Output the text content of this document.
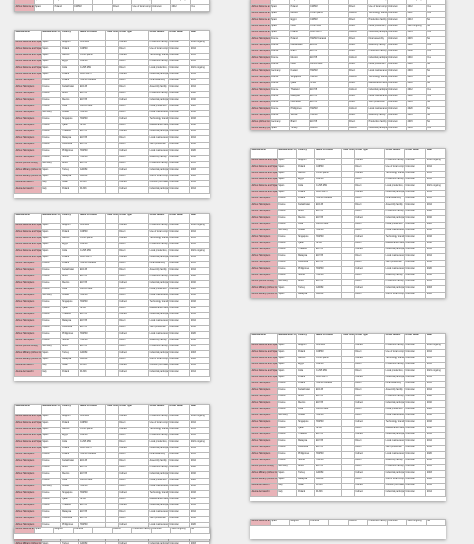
Airbus Defence a	Spain	Belgium	CN295M		Indirect	Production facility	Unknown	2018 ongoing	No
Airbus Defence a	Spain	Poland	C295M		Direct	Use of local comp	Unknown	2012	Yes

Manufacturer	Manufacturer Co	Country	Name Procured	Total Units	Offset Type	Offset details	Offset Value	Date	
Airbus Defence and Space	Spain	Belgium	CN295M		Indirect	Production facility	Unknown	2018 ongoing	
Airbus Defence and Space	Spain	Poland	C295M		Direct	Use of local comp	Unknown	2012	
Airbus Defence and Space	Spain	Mexico	C-295 patrol		Indirect	Technology transfer	Unknown	2011	
Airbus Defence and Space	Spain	Egypt	C295M		Direct	Production facility	Unknown	2013	
Airbus Defence and Space	Spain	India	C-295 MW		Direct	Local production,	Unknown	2021 ongoing	
Airbus Defence and Space	Spain	Poland	A330 MRTT		Indirect	Industrial participa	Unknown	2014	
Airbus Helicopters	France	Poland	H225M Caracal		Direct	Final assembly	Unknown	2015	
Airbus Helicopters	France	Kazakhstan	EC145		Direct	Assembly facility	Unknown	2012	
Airbus Helicopters	France	Brazil	EC725		Direct	Production facility	Unknown	2008	
Airbus Helicopters	France	Mexico	EC725		Indirect	Industrial participa	Unknown	2010	
Airbus Helicopters	France	India	AS565 MBe		Direct	Local production	Unknown	2020	
Airbus Helicopters	Germany	Kuwait	H225M		Direct	Local maintenance	Unknown	2016	
Airbus Helicopters	France	Singapore	H225M		Indirect	Technology transfer	Unknown	2016	
Airbus Helicopters	France	Qatar	NH90		Direct	Maintenance facility	Unknown	2018	
Airbus Helicopters	France	Thailand	EC725		Indirect	Industrial participa	Unknown	2012	
Airbus Helicopters	France	Malaysia	EC725		Direct	Local maintenance	Unknown	2012	
Airbus Helicopters	France	Indonesia	EC725		Direct	Joint production	Unknown	2016	
Airbus Helicopters	France	Philippines	H225M		Indirect	Local maintenance	Unknown	2020	
Airbus Helicopters	France	Serbia	H145M		Direct	Assembly facility	Unknown	2016	
Airbus (Airbus Group)	Germany	Brazil	EC725		Direct	Production facility	Unknown	2015	
Airbus Military (Airbus G	Spain	Turkey	A400M		Indirect	Industrial participa	Unknown	2003	
Airbus Military (Airbus G	Spain	Malaysia	A400M		Direct	Use of local comp	Unknown	2006	
Alenia Aermacchi	Italy	Israel	M-346		Indirect	Counter purchase	Unknown	2012	
Alenia Aermacchi	Italy	Poland	M-346		Indirect	Industrial participa	Unknown	2014	
Manufacturer	Manufacturer Co	Country	Name Procured	Total Units	Offset Type	Offset details	Offset Value	Date	
Airbus Defence and Space	Spain	Belgium	CN295M		Indirect	Production facility	Unknown	2018 ongoing	
Airbus Defence and Space	Spain	Poland	C295M		Direct	Use of local comp	Unknown	2012	
Airbus Defence and Space	Spain	Mexico	C-295 patrol		Indirect	Technology transfer	Unknown	2011	
Airbus Defence and Space	Spain	Egypt	C295M		Direct	Production facility	Unknown	2013	
Airbus Defence and Space	Spain	India	C-295 MW		Direct	Local production,	Unknown	2021 ongoing	
Airbus Defence and Space	Spain	Poland	A330 MRTT		Indirect	Industrial participa	Unknown	2014	
Airbus Helicopters	France	Poland	H225M Caracal		Direct	Final assembly	Unknown	2015	
Airbus Helicopters	France	Kazakhstan	EC145		Direct	Assembly facility	Unknown	2012	
Airbus Helicopters	France	Brazil	EC725		Direct	Production facility	Unknown	2008	
Airbus Helicopters	France	Mexico	EC725		Indirect	Industrial participa	Unknown	2010	
Airbus Helicopters	France	India	AS565 MBe		Direct	Local production	Unknown	2020	
Airbus Helicopters	Germany	Kuwait	H225M		Direct	Local maintenance	Unknown	2016	
Airbus Helicopters	France	Singapore	H225M		Indirect	Technology transfer	Unknown	2016	
Airbus Helicopters	France	Qatar	NH90		Direct	Maintenance facility	Unknown	2018	
Airbus Helicopters	France	Thailand	EC725		Indirect	Industrial participa	Unknown	2012	
Airbus Helicopters	France	Malaysia	EC725		Direct	Local maintenance	Unknown	2012	
Airbus Helicopters	France	Indonesia	EC725		Direct	Joint production	Unknown	2016	
Airbus Helicopters	France	Philippines	H225M		Indirect	Local maintenance	Unknown	2020	
Airbus Helicopters	France	Serbia	H145M		Direct	Assembly facility	Unknown	2016	
Airbus (Airbus Group)	Germany	Brazil	EC725		Direct	Production facility	Unknown	2015	
Airbus Military (Airbus G	Spain	Turkey	A400M		Indirect	Industrial participa	Unknown	2003	
Airbus Military (Airbus G	Spain	Malaysia	A400M		Direct	Use of local comp	Unknown	2006	
Alenia Aermacchi	Italy	Israel	M-346		Indirect	Counter purchase	Unknown	2012	
Alenia Aermacchi	Italy	Poland	M-346		Indirect	Industrial participa	Unknown	2014	
Manufacturer	Manufacturer Co	Country	Name Procured	Total Units	Offset Type	Offset details	Offset Value	Date	
Airbus Defence and Space	Spain	Belgium	CN295M		Indirect	Production facility	Unknown	2018 ongoing	
Airbus Defence and Space	Spain	Poland	C295M		Direct	Use of local comp	Unknown	2012	
Airbus Defence and Space	Spain	Mexico	C-295 patrol		Indirect	Technology transfer	Unknown	2011	
Airbus Defence and Space	Spain	Egypt	C295M		Direct	Production facility	Unknown	2013	
Airbus Defence and Space	Spain	India	C-295 MW		Direct	Local production,	Unknown	2021 ongoing	
Airbus Defence and Space	Spain	Poland	A330 MRTT		Indirect	Industrial participa	Unknown	2014	
Airbus Helicopters	France	Poland	H225M Caracal		Direct	Final assembly	Unknown	2015	
Airbus Helicopters	France	Kazakhstan	EC145		Direct	Assembly facility	Unknown	2012	
Airbus Helicopters	France	Brazil	EC725		Direct	Production facility	Unknown	2008	
Airbus Helicopters	France	Mexico	EC725		Indirect	Industrial participa	Unknown	2010	
Airbus Helicopters	France	India	AS565 MBe		Direct	Local production	Unknown	2020	
Airbus Helicopters	Germany	Kuwait	H225M		Direct	Local maintenance	Unknown	2016	
Airbus Helicopters	France	Singapore	H225M		Indirect	Technology transfer	Unknown	2016	
Airbus Helicopters	France	Qatar	NH90		Direct	Maintenance facility	Unknown	2018	
Airbus Helicopters	France	Thailand	EC725		Indirect	Industrial participa	Unknown	2012	
Airbus Helicopters	France	Malaysia	EC725		Direct	Local maintenance	Unknown	2012	
Airbus Helicopters	France	Indonesia	EC725		Direct	Joint production	Unknown	2016	
Airbus Helicopters	France	Philippines	H225M		Indirect	Local maintenance	Unknown	2020	

Airbus Military (Airbus G	Spain	Turkey	A400M		Indirect	Industrial participa	Unknown	2003	

Airbus Defence a	Spain	Belgium	CN295M		Indirect	Production facility	Unknown	2018 ongoing	No
Airbus Defence a	Spain	Poland	C295M		Direct	Use of local comp	Unknown	2012	Yes
Airbus Defence a	Spain	Mexico	C-295 patrol		Indirect	Technology transfer	Unknown	2011	Yes
Airbus Defence a	Spain	Egypt	C295M		Direct	Production facility	Unknown	2013	No
Airbus Defence a	Spain	India	C-295 MW		Direct	Local production,	Unknown	2021 ongoing	No
Airbus Defence a	Spain	Poland	A330 MRTT		Indirect	Industrial participa	Unknown	2014	Yes
Airbus Helicopters	France	Poland	H225M Caracal		Direct	Final assembly	Unknown	2015	No
Airbus Helicopters	France	Kazakhstan	EC145		Direct	Assembly facility	Unknown	2012	Yes
Airbus Helicopters	France	Brazil	EC725		Direct	Production facility	Unknown	2008	Yes
Airbus Helicopters	France	Mexico	EC725		Indirect	Industrial participa	Unknown	2010	Yes
Airbus Helicopters	France	India	AS565 MBe		Direct	Local production	Unknown	2020	No
Airbus Helicopters	Germany	Kuwait	H225M		Direct	Local maintenance	Unknown	2016	No
Airbus Helicopters	France	Singapore	H225M		Indirect	Technology transfer	Unknown	2016	No
Airbus Helicopters	France	Qatar	NH90		Direct	Maintenance facility	Unknown	2018	No
Airbus Helicopters	France	Thailand	EC725		Indirect	Industrial participa	Unknown	2012	Yes
Airbus Helicopters	France	Malaysia	EC725		Direct	Local maintenance	Unknown	2012	Yes
Airbus Helicopters	France	Indonesia	EC725		Direct	Joint production	Unknown	2016	No
Airbus Helicopters	France	Philippines	H225M		Indirect	Local maintenance	Unknown	2020	No
Airbus Helicopters	France	Serbia	H145M		Direct	Assembly facility	Unknown	2016	No
Airbus (Airbus Gr	Germany	Brazil	EC725		Direct	Production facility	Unknown	2015	No
Airbus Military (Ai	Spain	Turkey	A400M		Indirect	Industrial participa	Unknown	2003	Yes

Manufacturer	Manufacturer Co	Country	Name Procured	Total Units	Offset Type	Offset details	Offset Value	Date	
Airbus Defence and Space	Spain	Belgium	CN295M		Indirect	Production facility	Unknown	2018 ongoing	
Airbus Defence and Space	Spain	Poland	C295M		Direct	Use of local comp	Unknown	2012	
Airbus Defence and Space	Spain	Mexico	C-295 patrol		Indirect	Technology transfer	Unknown	2011	
Airbus Defence and Space	Spain	Egypt	C295M		Direct	Production facility	Unknown	2013	
Airbus Defence and Space	Spain	India	C-295 MW		Direct	Local production,	Unknown	2021 ongoing	
Airbus Defence and Space	Spain	Poland	A330 MRTT		Indirect	Industrial participa	Unknown	2014	
Airbus Helicopters	France	Poland	H225M Caracal		Direct	Final assembly	Unknown	2015	
Airbus Helicopters	France	Kazakhstan	EC145		Direct	Assembly facility	Unknown	2012	
Airbus Helicopters	France	Brazil	EC725		Direct	Production facility	Unknown	2008	
Airbus Helicopters	France	Mexico	EC725		Indirect	Industrial participa	Unknown	2010	
Airbus Helicopters	France	India	AS565 MBe		Direct	Local production	Unknown	2020	
Airbus Helicopters	Germany	Kuwait	H225M		Direct	Local maintenance	Unknown	2016	
Airbus Helicopters	France	Singapore	H225M		Indirect	Technology transfer	Unknown	2016	
Airbus Helicopters	France	Qatar	NH90		Direct	Maintenance facility	Unknown	2018	
Airbus Helicopters	France	Thailand	EC725		Indirect	Industrial participa	Unknown	2012	
Airbus Helicopters	France	Malaysia	EC725		Direct	Local maintenance	Unknown	2012	
Airbus Helicopters	France	Indonesia	EC725		Direct	Joint production	Unknown	2016	
Airbus Helicopters	France	Philippines	H225M		Indirect	Local maintenance	Unknown	2020	
Airbus Helicopters	France	Serbia	H145M		Direct	Assembly facility	Unknown	2016	
Airbus (Airbus Group)	Germany	Brazil	EC725		Direct	Production facility	Unknown	2015	
Airbus Military (Airbus G	Spain	Turkey	A400M		Indirect	Industrial participa	Unknown	2003	
Airbus Military (Airbus G	Spain	Malaysia	A400M		Direct	Use of local comp	Unknown	2006	

Manufacturer	Manufacturer Co	Country	Name Procured	Total Units	Offset Type	Offset details	Offset Value	Date	
Airbus Defence and Space	Spain	Belgium	CN295M		Indirect	Production facility	Unknown	2018 ongoing	
Airbus Defence and Space	Spain	Poland	C295M		Direct	Use of local comp	Unknown	2012	
Airbus Defence and Space	Spain	Mexico	C-295 patrol		Indirect	Technology transfer	Unknown	2011	
Airbus Defence and Space	Spain	Egypt	C295M		Direct	Production facility	Unknown	2013	
Airbus Defence and Space	Spain	India	C-295 MW		Direct	Local production,	Unknown	2021 ongoing	
Airbus Defence and Space	Spain	Poland	A330 MRTT		Indirect	Industrial participa	Unknown	2014	
Airbus Helicopters	France	Poland	H225M Caracal		Direct	Final assembly	Unknown	2015	
Airbus Helicopters	France	Kazakhstan	EC145		Direct	Assembly facility	Unknown	2012	
Airbus Helicopters	France	Brazil	EC725		Direct	Production facility	Unknown	2008	
Airbus Helicopters	France	Mexico	EC725		Indirect	Industrial participa	Unknown	2010	
Airbus Helicopters	France	India	AS565 MBe		Direct	Local production	Unknown	2020	
Airbus Helicopters	Germany	Kuwait	H225M		Direct	Local maintenance	Unknown	2016	
Airbus Helicopters	France	Singapore	H225M		Indirect	Technology transfer	Unknown	2016	
Airbus Helicopters	France	Qatar	NH90		Direct	Maintenance facility	Unknown	2018	
Airbus Helicopters	France	Thailand	EC725		Indirect	Industrial participa	Unknown	2012	
Airbus Helicopters	France	Malaysia	EC725		Direct	Local maintenance	Unknown	2012	
Airbus Helicopters	France	Indonesia	EC725		Direct	Joint production	Unknown	2016	
Airbus Helicopters	France	Philippines	H225M		Indirect	Local maintenance	Unknown	2020	
Airbus Helicopters	France	Serbia	H145M		Direct	Assembly facility	Unknown	2016	
Airbus (Airbus Group)	Germany	Brazil	EC725		Direct	Production facility	Unknown	2015	
Airbus Military (Airbus G	Spain	Turkey	A400M		Indirect	Industrial participa	Unknown	2003	
Airbus Military (Airbus G	Spain	Malaysia	A400M		Direct	Use of local comp	Unknown	2006	
Alenia Aermacchi	Italy	Israel	M-346		Indirect	Counter purchase	Unknown	2012	
Alenia Aermacchi	Italy	Poland	M-346		Indirect	Industrial participa	Unknown	2014	
Airbus Defence a	Spain	Belgium	CN295M		Indirect	Production facility	Unknown	2018 ongoing	No
Airbus Defence a	Spain	Belgium	CN295M		Indirect	Production facility	Unknown	2018 ongoing	No
